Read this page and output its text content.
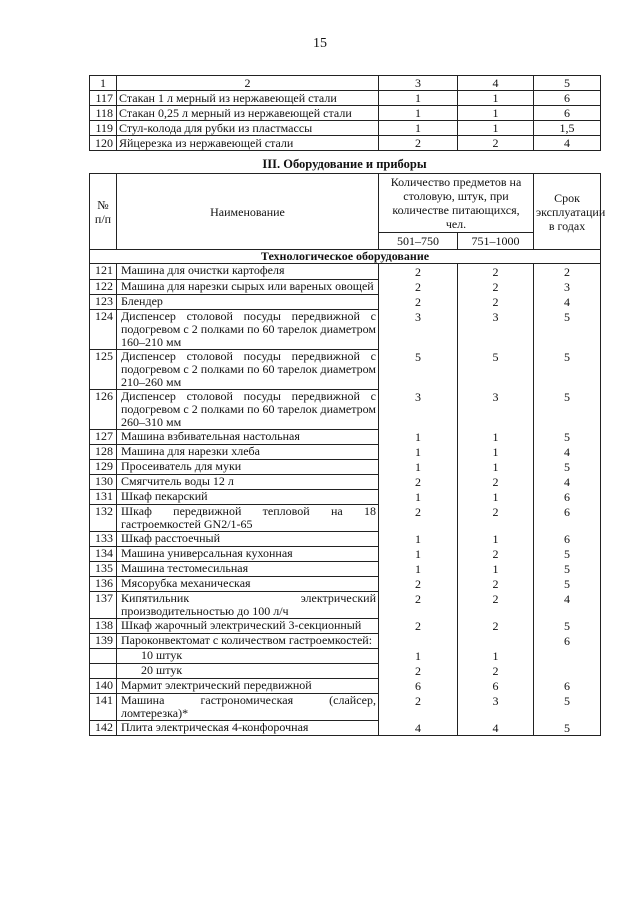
15
1	2	3	4	5
117	Стакан 1 л мерный из нержавеющей стали	1	1	6
118	Стакан 0,25 л мерный из нержавеющей стали	1	1	6
119	Стул-колода для рубки из пластмассы	1	1	1,5
120	Яйцерезка из нержавеющей стали	2	2	4
III. Оборудование и приборы
№ п/п	Наименование	Количество предметов на столовую, штук, при количестве питающихся, чел.		Срок эксплуатации в годах
		501–750	751–1000	
Технологическое оборудование				
121	Машина для очистки картофеля	2	2	2
122	Машина для нарезки сырых или вареных овощей	2	2	3
123	Блендер	2	2	4
124	Диспенсер столовой посуды передвижной с подогревом с 2 полками по 60 тарелок диаметром 160–210 мм	3	3	5
125	Диспенсер столовой посуды передвижной с подогревом с 2 полками по 60 тарелок диаметром 210–260 мм	5	5	5
126	Диспенсер столовой посуды передвижной с подогревом с 2 полками по 60 тарелок диаметром 260–310 мм	3	3	5
127	Машина взбивательная настольная	1	1	5
128	Машина для нарезки хлеба	1	1	4
129	Просеиватель для муки	1	1	5
130	Смягчитель воды 12 л	2	2	4
131	Шкаф пекарский	1	1	6
132	Шкаф передвижной тепловой на 18 гастроемкостей GN2/1-65	2	2	6
133	Шкаф расстоечный	1	1	6
134	Машина универсальная кухонная	1	2	5
135	Машина тестомесильная	1	1	5
136	Мясорубка механическая	2	2	5
137	Кипятильник электрический производительностью до 100 л/ч	2	2	4
138	Шкаф жарочный электрический 3-секционный	2	2	5
139	Пароконвектомат с количеством гастроемкостей:			6
	10 штук	1	1	
	20 штук	2	2	
140	Мармит электрический передвижной	6	6	6
141	Машина гастрономическая (слайсер, ломтерезка)*	2	3	5
142	Плита электрическая 4-конфорочная	4	4	5
